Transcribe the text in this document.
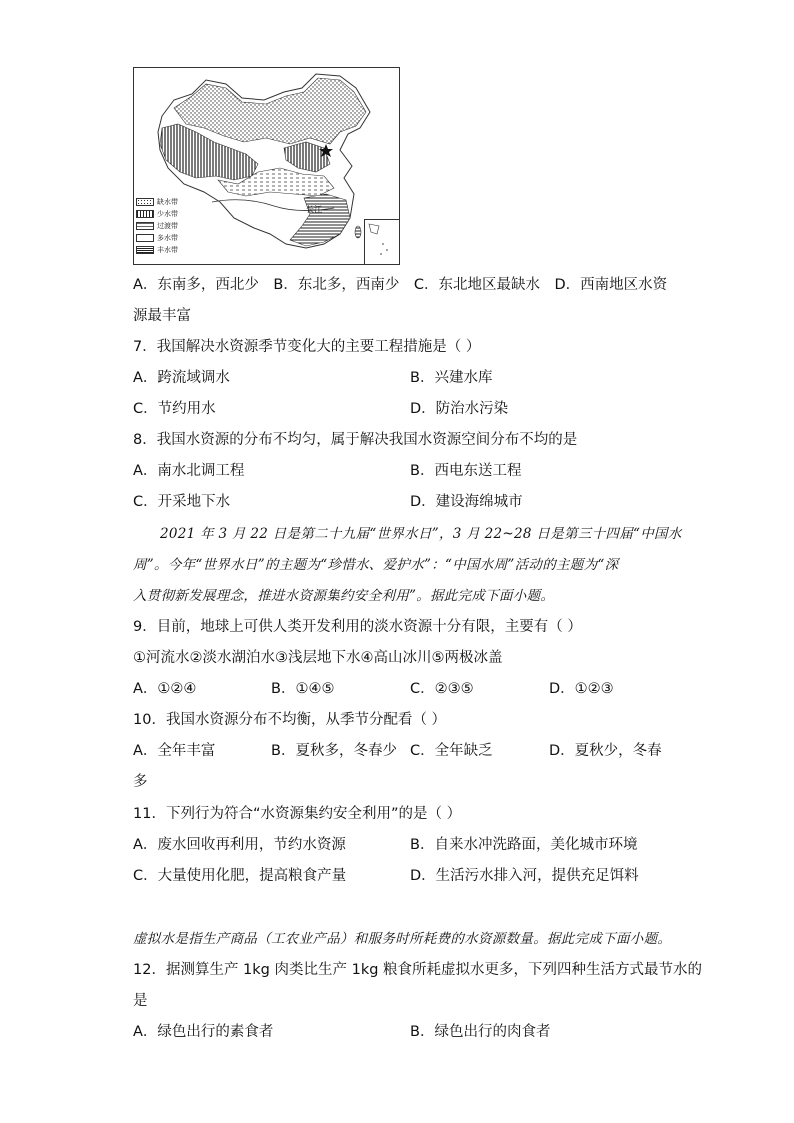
缺水带
少水带
过渡带
多水带
丰水带
长江
A．东南多，西北少　B．东北多，西南少　C．东北地区最缺水　D．西南地区水资
源最丰富
7．我国解决水资源季节变化大的主要工程措施是（ ）
A．跨流域调水	B．兴建水库
C．节约用水	D．防治水污染
8．我国水资源的分布不均匀，属于解决我国水资源空间分布不均的是
A．南水北调工程	B．西电东送工程
C．开采地下水	D．建设海绵城市
2021 年 3 月 22 日是第二十九届“世界水日”，3 月 22~28 日是第三十四届“中国水
周”。今年“世界水日”的主题为“珍惜水、爱护水”：“中国水周”活动的主题为“深
入贯彻新发展理念，推进水资源集约安全利用”。据此完成下面小题。
9．目前，地球上可供人类开发利用的淡水资源十分有限，主要有（ ）
①河流水②淡水湖泊水③浅层地下水④高山冰川⑤两极冰盖
A．①②④	B．①④⑤	C．②③⑤	D．①②③
10．我国水资源分布不均衡，从季节分配看（ ）
A．全年丰富	B．夏秋多，冬春少 C．全年缺乏	D．夏秋少，冬春
多
11．下列行为符合“水资源集约安全利用”的是（ ）
A．废水回收再利用，节约水资源	B．自来水冲洗路面，美化城市环境
C．大量使用化肥，提高粮食产量	D．生活污水排入河，提供充足饵料
虚拟水是指生产商品（工农业产品）和服务时所耗费的水资源数量。据此完成下面小题。
12．据测算生产 1kg 肉类比生产 1kg 粮食所耗虚拟水更多，下列四种生活方式最节水的
是
A．绿色出行的素食者	B．绿色出行的肉食者
